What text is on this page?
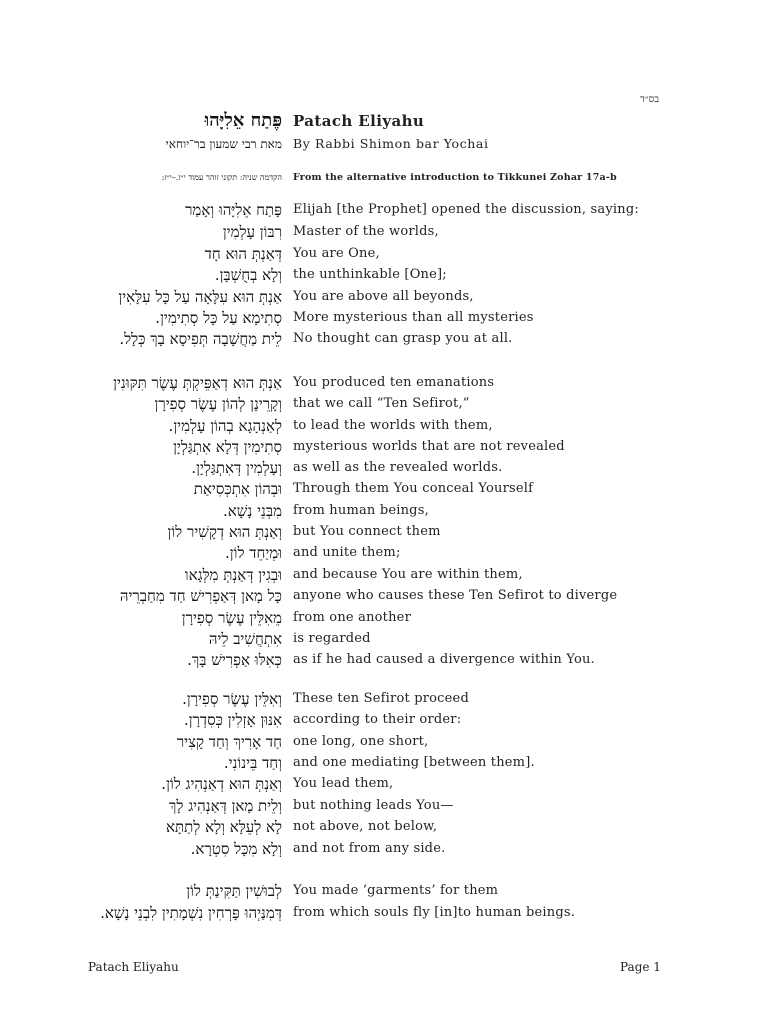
בס״ד
פֶּתַח אֵלִיָּהוּ Patach Eliyahu
מאת רבי שמעון בר־יוחאי By Rabbi Shimon bar Yochai
הקדמה שניה: תקוני זוהר עמוד י״ז.–י״ז: From the alternative introduction to Tikkunei Zohar 17a-b
פָּתַח אֵלִיָּהוּ וְאָמַר Elijah [the Prophet] opened the discussion, saying:
רִבּוֹן עָלְמִין Master of the worlds,
דְּאַנְתְּ הוּא חָד You are One,
וְלָא בְחֻשְׁבָּן. the unthinkable [One];
אַנְתְּ הוּא עִלָּאָה עַל כָּל עִלָּאִין You are above all beyonds,
סְתִימָא עַל כָּל סְתִימִין. More mysterious than all mysteries
לֵית מַחֲשָׁבָה תְּפִיסָא בָךְ כְּלָל. No thought can grasp you at all.
אַנְתְּ הוּא דְאַפֵּיקְתְּ עֶשֶׂר תִּקּוּנִין You produced ten emanations
וְקָרֵינָן לְהוֹן עֶשֶׂר סְפִירָן that we call “Ten Sefirot,”
לְאַנְהָגָא בְהוֹן עָלְמִין. to lead the worlds with them,
סְתִימִין דְּלָא אִתְגַּלְיָן mysterious worlds that are not revealed
וְעָלְמִין דְּאִתְגַּלְיָן. as well as the revealed worlds.
וּבְהוֹן אִתְכְּסִיאַת Through them You conceal Yourself
מִבְּנֵי נָשָׁא. from human beings,
וְאַנְתְּ הוּא דְקָשִׁיר לוֹן but You connect them
וּמְיַחֵד לוֹן. and unite them;
וּבְגִין דְּאַנְתְּ מִלְּגָאו and because You are within them,
כָּל מָאן דְּאַפְרִישׁ חַד מִחַבְרֵיהּ anyone who causes these Ten Sefirot to diverge
מֵאִלֵּין עֶשֶׂר סְפִירָן from one another
אִתְחֲשִׁיב לֵיהּ is regarded
כְּאִלּוּ אַפְרִישׁ בָּךְ. as if he had caused a divergence within You.
וְאִלֵּין עֶשֶׂר סְפִירָן. These ten Sefirot proceed
אִנּוּן אָזְלִין כְּסִדְרָן. according to their order:
חַד אָרִיךְ וְחַד קָצִיר one long, one short,
וְחַד בֵּינוֹנִי. and one mediating [between them].
וְאַנְתְּ הוּא דְאַנְהִיג לוֹן. You lead them,
וְלֵית מָאן דְּאַנְהִיג לָךְ but nothing leads You—
לָא לְעֵלָּא וְלָא לְתַתָּא not above, not below,
וְלָא מִכָּל סִטְרָא. and not from any side.
לְבוּשִׁין תַּקִּינַתְּ לוֹן You made ‘garments’ for them
דְּמִנַּיְהוּ פָּרְחִין נִשְׁמָתִין לִבְנֵי נָשָׁא. from which souls fly [in]to human beings.
Patach Eliyahu	Page 1
